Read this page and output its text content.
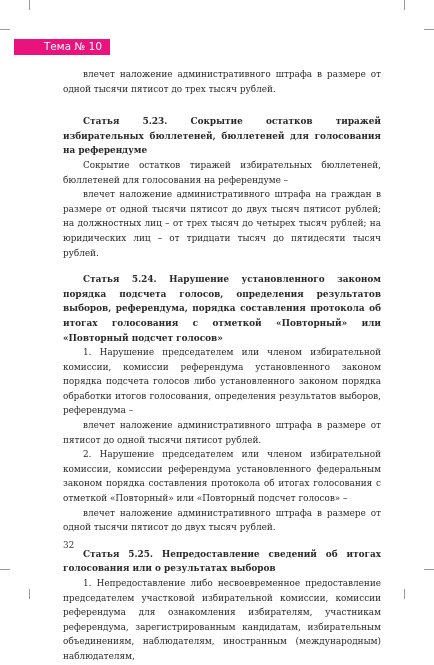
Тема № 10

влечет наложение административного штрафа в размере от одной тысячи пятисот до трех тысяч рублей.

Статья 5.23. Сокрытие остатков тиражей избирательных бюллетеней, бюллетеней для голосования на референдуме

Сокрытие остатков тиражей избирательных бюллетеней, бюллетеней для голосования на референдуме –

влечет наложение административного штрафа на граждан в размере от одной тысячи пятисот до двух тысяч пятисот рублей; на должностных лиц – от трех тысяч до четырех тысяч рублей; на юридических лиц – от тридцати тысяч до пятидесяти тысяч рублей.

Статья 5.24. Нарушение установленного законом порядка подсчета голосов, определения результатов выборов, референдума, порядка составления протокола об итогах голосования с отметкой «Повторный» или «Повторный подсчет голосов»

1. Нарушение председателем или членом избирательной комиссии, комиссии референдума установленного законом порядка подсчета голосов либо установленного законом порядка обработки итогов голосования, определения результатов выборов, референдума –

влечет наложение административного штрафа в размере от пятисот до одной тысячи пятисот рублей.

2. Нарушение председателем или членом избирательной комиссии, комиссии референдума установленного федеральным законом порядка составления протокола об итогах голосования с отметкой «Повторный» или «Повторный подсчет голосов» –

влечет наложение административного штрафа в размере от одной тысячи пятисот до двух тысяч рублей.

Статья 5.25. Непредоставление сведений об итогах голосования или о результатах выборов

1. Непредоставление либо несвоевременное предоставление председателем участковой избирательной комиссии, комиссии референдума для ознакомления избирателям, участникам референдума, зарегистрированным кандидатам, избирательным объединениям, наблюдателям, иностранным (международным) наблюдателям,

32
